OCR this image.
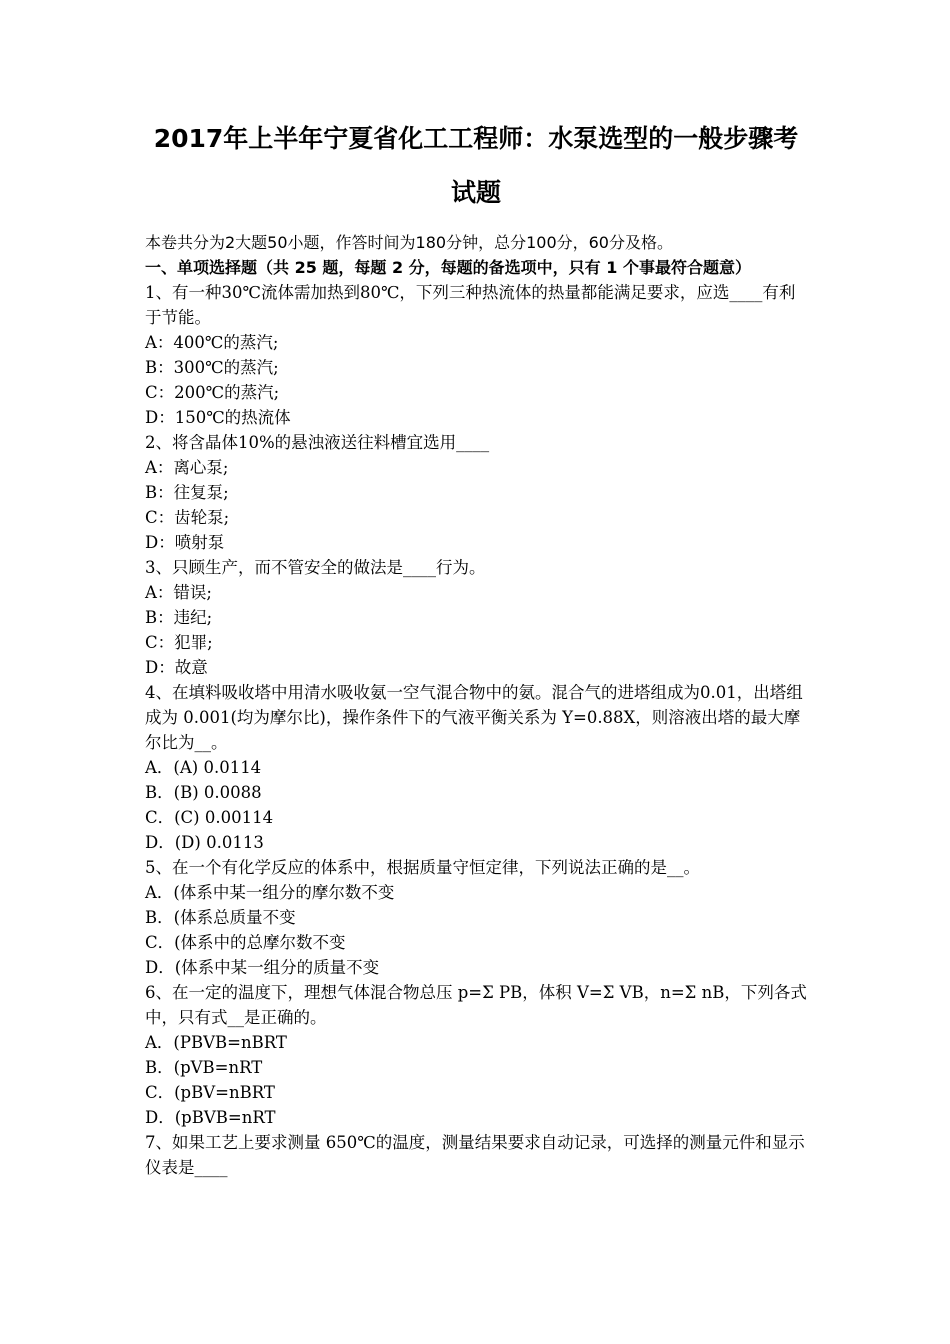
2017年上半年宁夏省化工工程师：水泵选型的一般步骤考

试题

本卷共分为2大题50小题，作答时间为180分钟，总分100分，60分及格。

一、单项选择题（共 25 题，每题 2 分，每题的备选项中，只有 1 个事最符合题意）

1、有一种30℃流体需加热到80℃，下列三种热流体的热量都能满足要求，应选____有利于节能。

A：400℃的蒸汽;

B：300℃的蒸汽;

C：200℃的蒸汽;

D：150℃的热流体

2、将含晶体10%的悬浊液送往料槽宜选用____

A：离心泵;

B：往复泵;

C：齿轮泵;

D：喷射泵

3、只顾生产，而不管安全的做法是____行为。

A：错误;

B：违纪;

C：犯罪;

D：故意

4、在填料吸收塔中用清水吸收氨一空气混合物中的氨。混合气的进塔组成为0.01，出塔组成为 0.001(均为摩尔比)，操作条件下的气液平衡关系为 Y=0.88X，则溶液出塔的最大摩尔比为__。

A．(A) 0.0114

B．(B) 0.0088

C．(C) 0.00114

D．(D) 0.0113

5、在一个有化学反应的体系中，根据质量守恒定律，下列说法正确的是__。

A．(体系中某一组分的摩尔数不变

B．(体系总质量不变

C．(体系中的总摩尔数不变

D．(体系中某一组分的质量不变

6、在一定的温度下，理想气体混合物总压 p=Σ PB，体积 V=Σ VB，n=Σ nB，下列各式中，只有式__是正确的。

A．(PBVB=nBRT

B．(pVB=nRT

C．(pBV=nBRT

D．(pBVB=nRT

7、如果工艺上要求测量 650℃的温度，测量结果要求自动记录，可选择的测量元件和显示仪表是____
